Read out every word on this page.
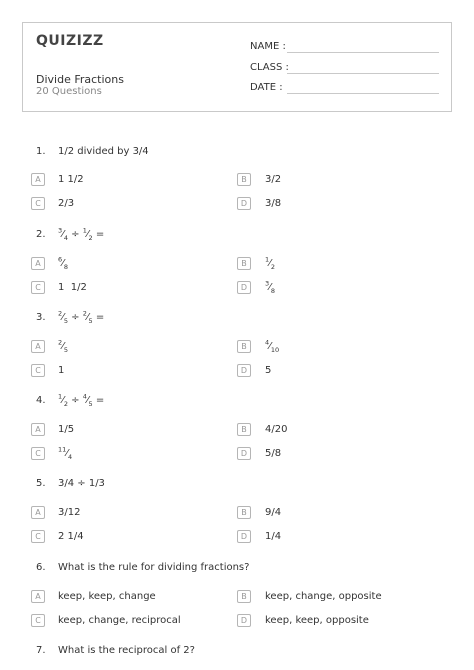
QUIZIZZ
Divide Fractions
20 Questions
NAME :
CLASS :
DATE :
1. 1/2 divided by 3/4
A	1 1/2	B	3/2
C	2/3	D	3/8
2. $^3⁄_4$ ÷ $^1⁄_2$ =
A	$^6⁄_8$	B	$^1⁄_2$
C	1  1/2	D	$^3⁄_8$
3. $^2⁄_5$ ÷ $^2⁄_5$ =
A	$^2⁄_5$	B	$^4⁄_{10}$
C	1	D	5
4. $^1⁄_2$ ÷ $^4⁄_5$ =
A	1/5	B	4/20
C	$^{11}⁄_4$	D	5/8
5. 3/4 ÷ 1/3
A	3/12	B	9/4
C	2 1/4	D	1/4
6. What is the rule for dividing fractions?
A	keep, keep, change	B	keep, change, opposite
C	keep, change, reciprocal	D	keep, keep, opposite
7. What is the reciprocal of 2?
